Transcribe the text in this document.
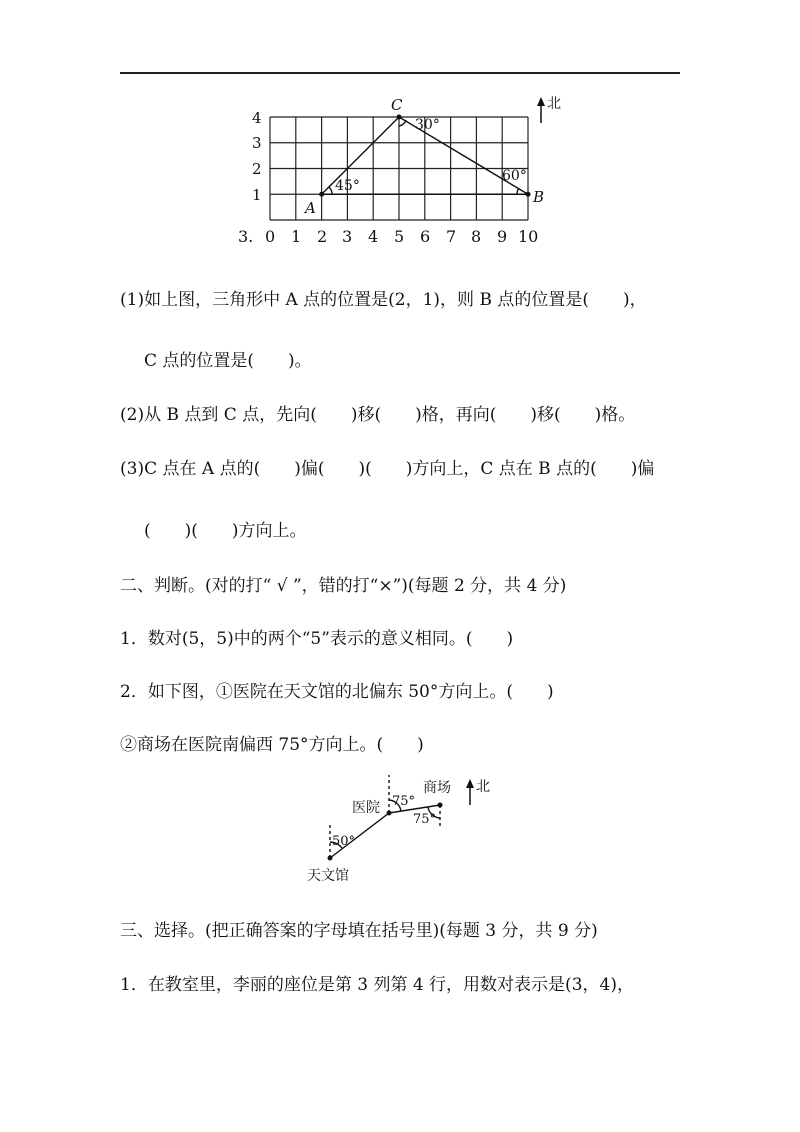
1
2
3
4
3. 0 1 2 3 4 5 6 7 8 9 10
A
B
C
45°
30°
60°
北
(1)如上图，三角形中 A 点的位置是(2，1)，则 B 点的位置是(　　)，
C 点的位置是(　　)。
(2)从 B 点到 C 点，先向(　　)移(　　)格，再向(　　)移(　　)格。
(3)C 点在 A 点的(　　)偏(　　)(　　)方向上，C 点在 B 点的(　　)偏
(　　)(　　)方向上。
二、判断。(对的打“ √ ”，错的打“×”)(每题 2 分，共 4 分)
1．数对(5，5)中的两个“5”表示的意义相同。(　　)
2．如下图，①医院在天文馆的北偏东 50°方向上。(　　)
②商场在医院南偏西 75°方向上。(　　)
医院
商场
天文馆
50°
75°
75°
北
三、选择。(把正确答案的字母填在括号里)(每题 3 分，共 9 分)
1．在教室里，李丽的座位是第 3 列第 4 行，用数对表示是(3，4)，
